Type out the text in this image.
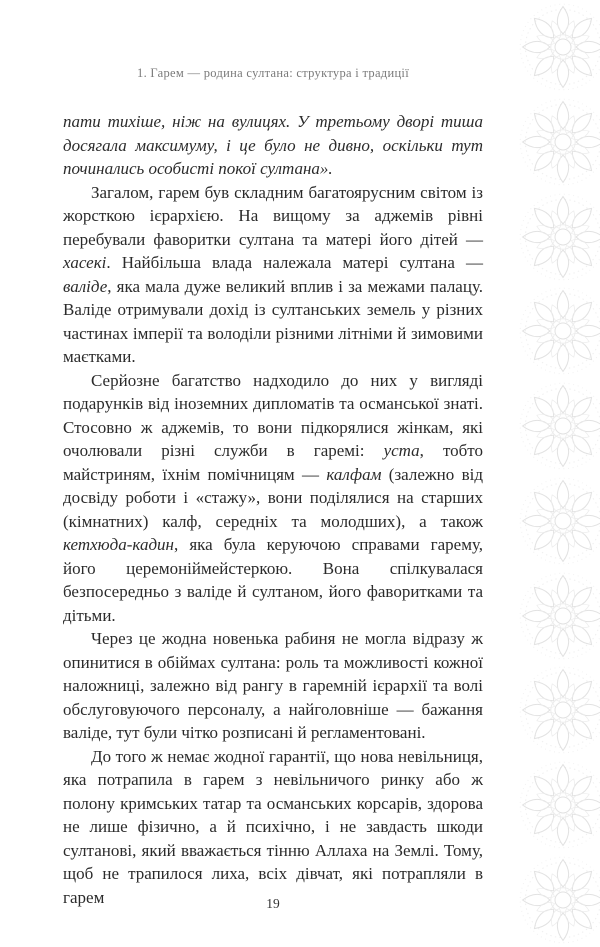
1. Гарем — родина султана: структура і традиції

пати тихіше, ніж на вулицях. У третьому дворі тиша досягала максимуму, і це було не дивно, оскільки тут починались особисті покої султана».

Загалом, гарем був складним багатоярусним світом із жорсткою ієрархією. На вищому за аджемів рівні перебували фаворитки султана та матері його дітей — хасекі. Найбільша влада належала матері султана — валіде, яка мала дуже великий вплив і за межами палацу. Валіде отримували дохід із султанських земель у різних частинах імперії та володіли різними літніми й зимовими маєтками.

Серйозне багатство надходило до них у вигляді подарунків від іноземних дипломатів та османської знаті. Стосовно ж аджемів, то вони підкорялися жінкам, які очолювали різні служби в гаремі: уста, тобто майстриням, їхнім помічницям — калфам (залежно від досвіду роботи і «стажу», вони поділялися на старших (кімнатних) калф, середніх та молодших), а також кетхюда-кадин, яка була керуючою справами гарему, його церемоніймейстеркою. Вона спілкувалася безпосередньо з валіде й султаном, його фаворитками та дітьми.

Через це жодна новенька рабиня не могла відразу ж опинитися в обіймах султана: роль та можливості кожної наложниці, залежно від рангу в гаремній ієрархії та волі обслуговуючого персоналу, а найголовніше — бажання валіде, тут були чітко розписані й регламентовані.

До того ж немає жодної гарантії, що нова невільниця, яка потрапила в гарем з невільничого ринку або ж полону кримських татар та османських корсарів, здорова не лише фізично, а й психічно, і не завдасть шкоди султанові, який вважається тінню Аллаха на Землі. Тому, щоб не трапилося лиха, всіх дівчат, які потрапляли в гарем	19
